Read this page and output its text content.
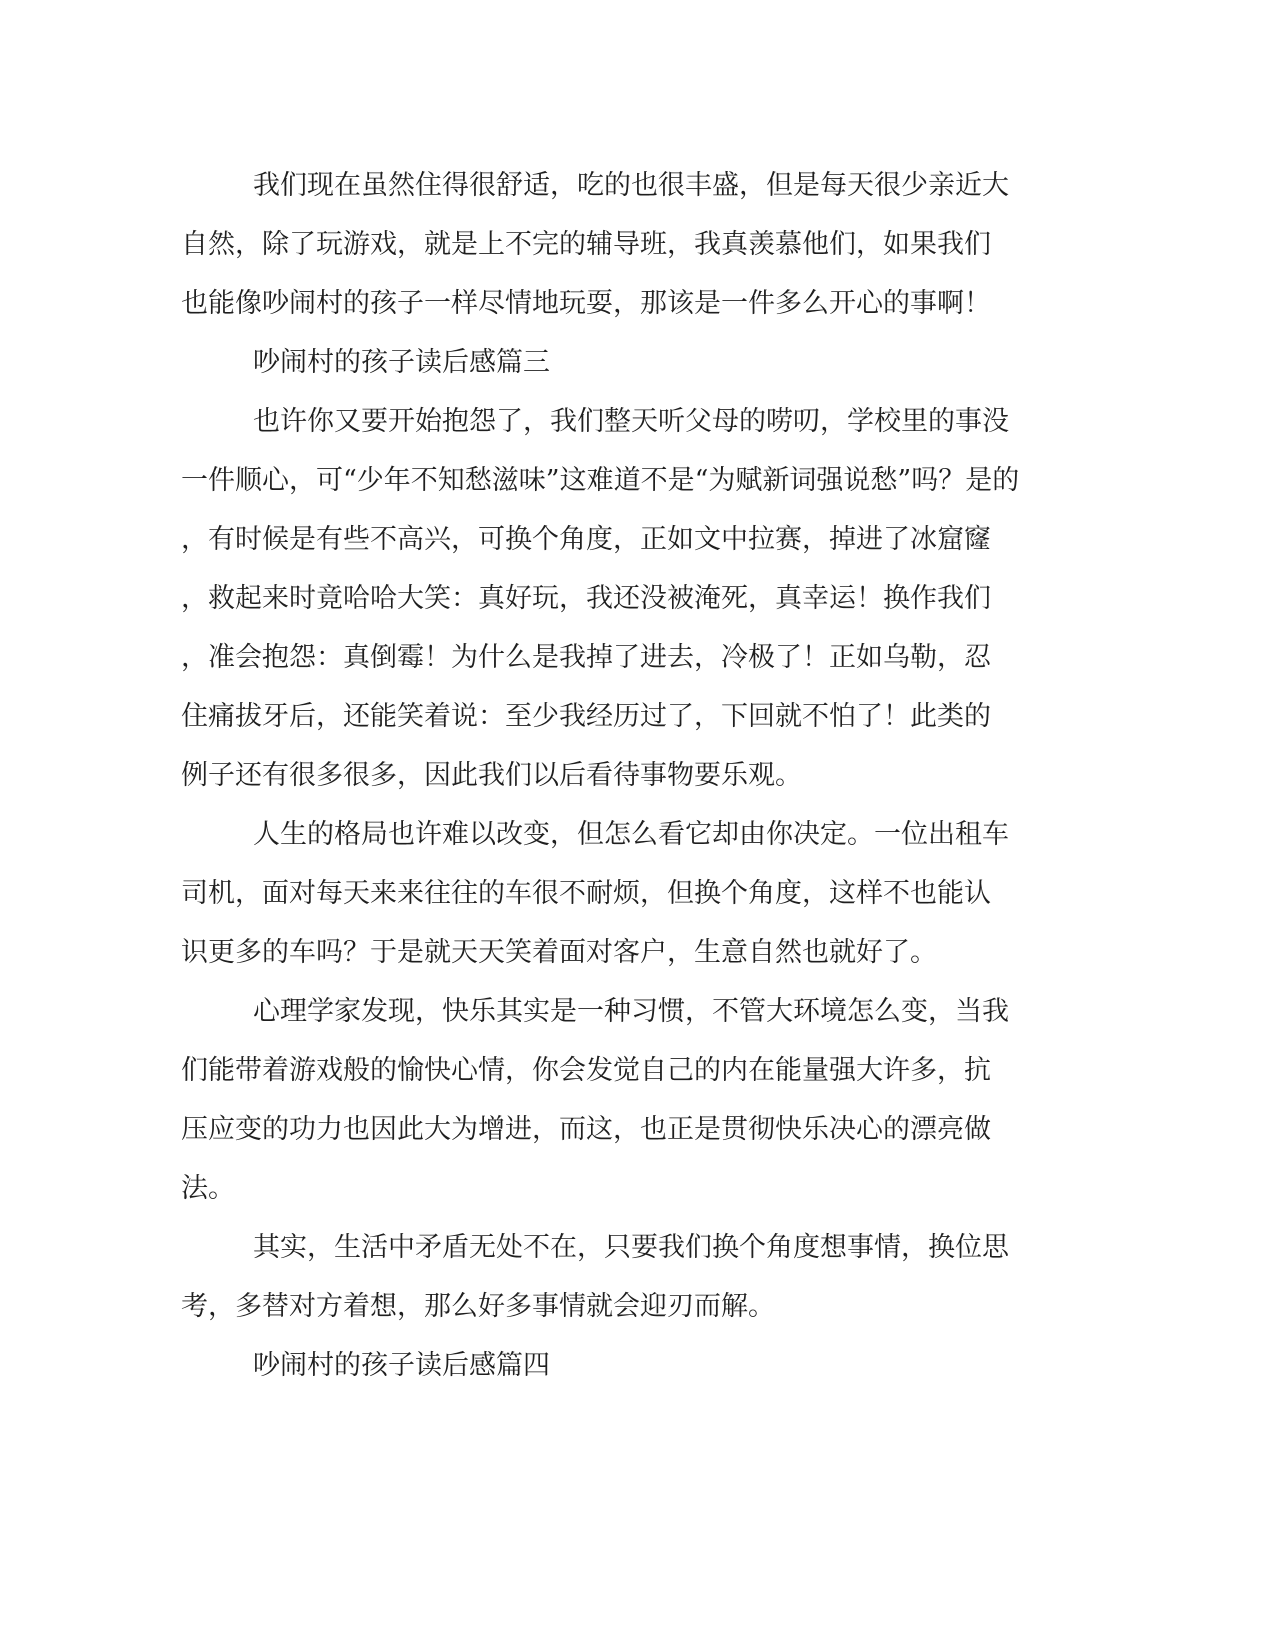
我们现在虽然住得很舒适，吃的也很丰盛，但是每天很少亲近大
自然，除了玩游戏，就是上不完的辅导班，我真羡慕他们，如果我们
也能像吵闹村的孩子一样尽情地玩耍，那该是一件多么开心的事啊！
吵闹村的孩子读后感篇三
也许你又要开始抱怨了，我们整天听父母的唠叨，学校里的事没
一件顺心，可“少年不知愁滋味”这难道不是“为赋新词强说愁”吗？是的
，有时候是有些不高兴，可换个角度，正如文中拉赛，掉进了冰窟窿
，救起来时竟哈哈大笑：真好玩，我还没被淹死，真幸运！换作我们
，准会抱怨：真倒霉！为什么是我掉了进去，冷极了！正如乌勒，忍
住痛拔牙后，还能笑着说：至少我经历过了，下回就不怕了！此类的
例子还有很多很多，因此我们以后看待事物要乐观。
人生的格局也许难以改变，但怎么看它却由你决定。一位出租车
司机，面对每天来来往往的车很不耐烦，但换个角度，这样不也能认
识更多的车吗？于是就天天笑着面对客户，生意自然也就好了。
心理学家发现，快乐其实是一种习惯，不管大环境怎么变，当我
们能带着游戏般的愉快心情，你会发觉自己的内在能量强大许多，抗
压应变的功力也因此大为增进，而这，也正是贯彻快乐决心的漂亮做
法。
其实，生活中矛盾无处不在，只要我们换个角度想事情，换位思
考，多替对方着想，那么好多事情就会迎刃而解。
吵闹村的孩子读后感篇四
